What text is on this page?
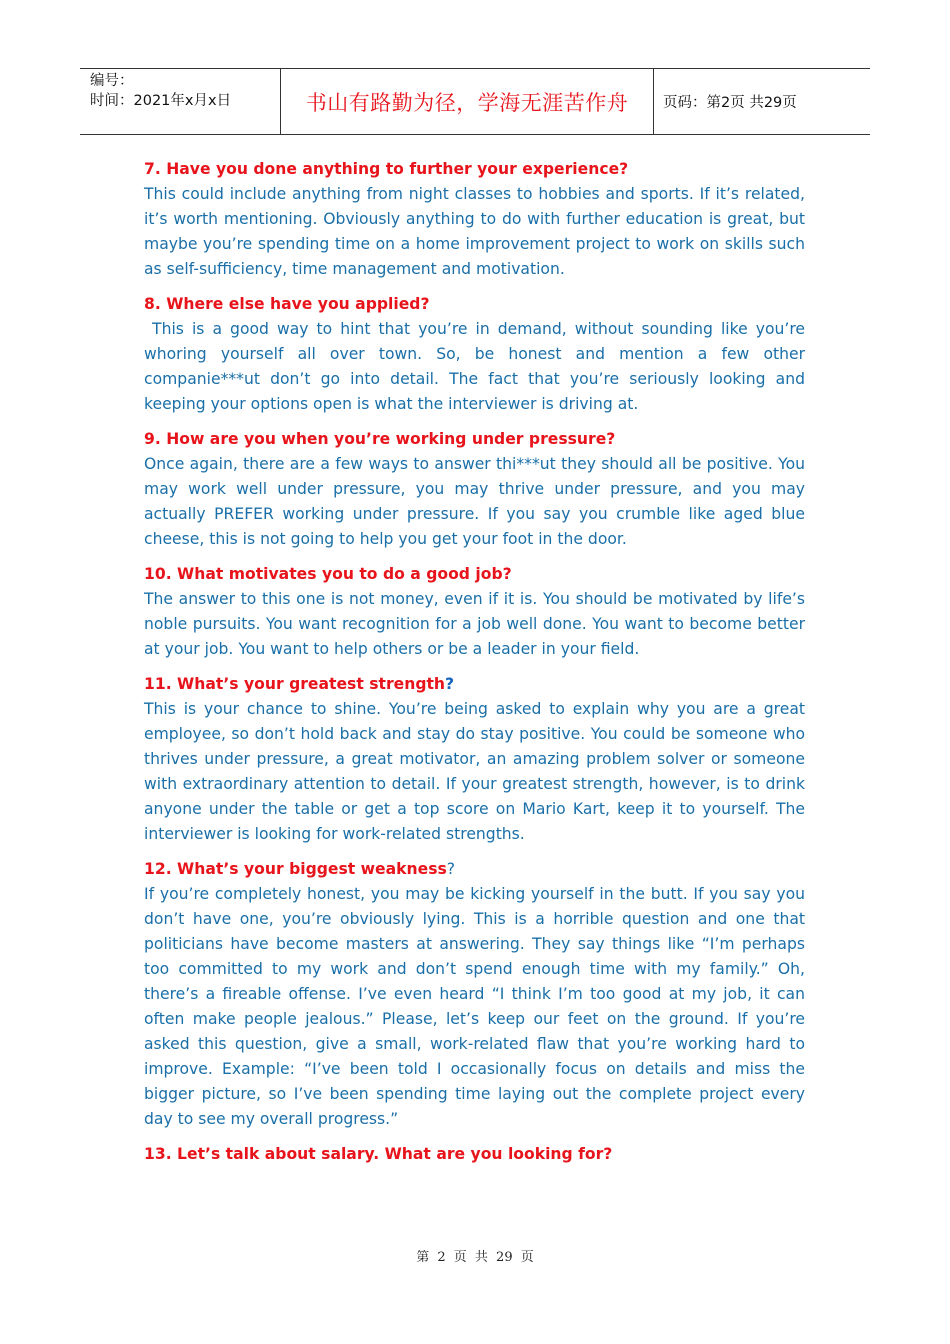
编号：
时间：2021年x月x日	书山有路勤为径，学海无涯苦作舟	页码：第2页 共29页

7. Have you done anything to further your experience?

This could include anything from night classes to hobbies and sports. If it’s related, it’s worth mentioning. Obviously anything to do with further education is great, but maybe you’re spending time on a home improvement project to work on skills such as self-sufficiency, time management and motivation.

8. Where else have you applied?

This is a good way to hint that you’re in demand, without sounding like you’re whoring yourself all over town. So, be honest and mention a few other companie***ut don’t go into detail. The fact that you’re seriously looking and keeping your options open is what the interviewer is driving at.

9. How are you when you’re working under pressure?

Once again, there are a few ways to answer thi***ut they should all be positive. You may work well under pressure, you may thrive under pressure, and you may actually PREFER working under pressure. If you say you crumble like aged blue cheese, this is not going to help you get your foot in the door.

10. What motivates you to do a good job?

The answer to this one is not money, even if it is. You should be motivated by life’s noble pursuits. You want recognition for a job well done. You want to become better at your job. You want to help others or be a leader in your field.

11. What’s your greatest strength?

This is your chance to shine. You’re being asked to explain why you are a great employee, so don’t hold back and stay do stay positive. You could be someone who thrives under pressure, a great motivator, an amazing problem solver or someone with extraordinary attention to detail. If your greatest strength, however, is to drink anyone under the table or get a top score on Mario Kart, keep it to yourself. The interviewer is looking for work-related strengths.

12. What’s your biggest weakness?

If you’re completely honest, you may be kicking yourself in the butt. If you say you don’t have one, you’re obviously lying. This is a horrible question and one that politicians have become masters at answering. They say things like “I’m perhaps too committed to my work and don’t spend enough time with my family.” Oh, there’s a fireable offense. I’ve even heard “I think I’m too good at my job, it can often make people jealous.” Please, let’s keep our feet on the ground. If you’re asked this question, give a small, work-related flaw that you’re working hard to improve. Example: “I’ve been told I occasionally focus on details and miss the bigger picture, so I’ve been spending time laying out the complete project every day to see my overall progress.”

13. Let’s talk about salary. What are you looking for?

第 2 页 共 29 页
